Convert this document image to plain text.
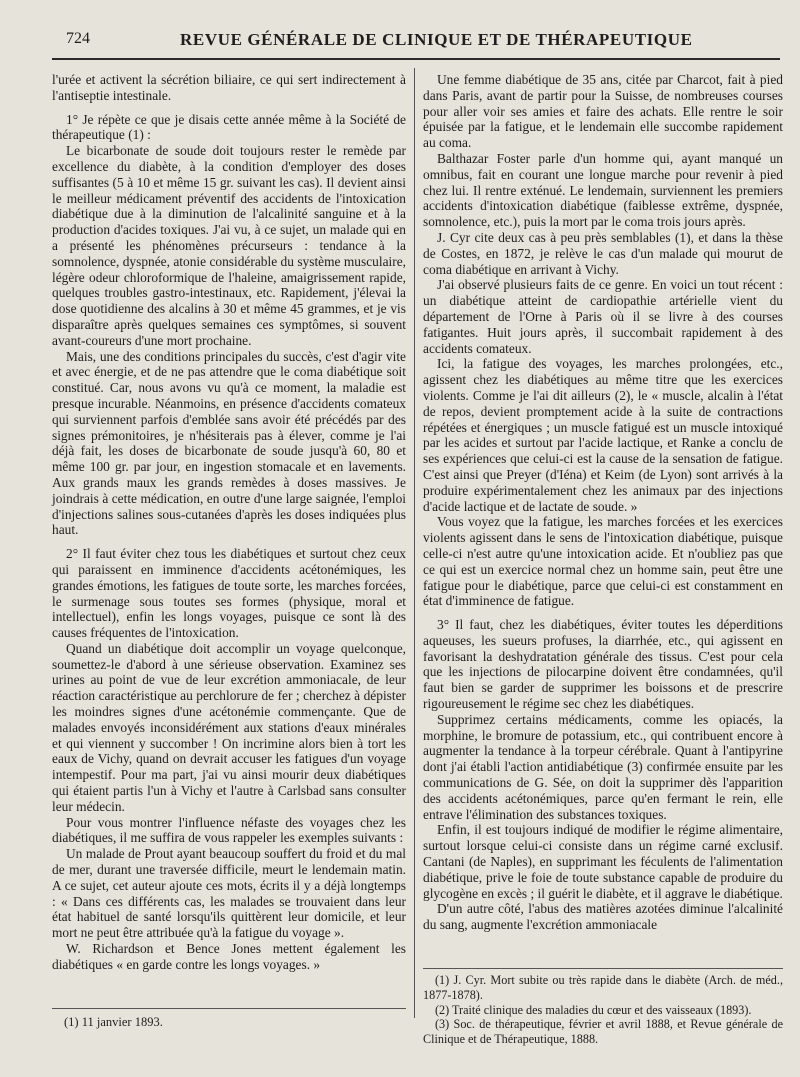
724	REVUE GÉNÉRALE DE CLINIQUE ET DE THÉRAPEUTIQUE

l'urée et activent la sécrétion biliaire, ce qui sert indirectement à l'antiseptie intestinale.

1° Je répète ce que je disais cette année même à la Société de thérapeutique (1) :

Le bicarbonate de soude doit toujours rester le remède par excellence du diabète, à la condition d'employer des doses suffisantes (5 à 10 et même 15 gr. suivant les cas). Il devient ainsi le meilleur médicament préventif des accidents de l'intoxication diabétique due à la diminution de l'alcalinité sanguine et à la production d'acides toxiques. J'ai vu, à ce sujet, un malade qui en a présenté les phénomènes précurseurs : tendance à la somnolence, dyspnée, atonie considérable du système musculaire, légère odeur chloroformique de l'haleine, amaigrissement rapide, quelques troubles gastro-intestinaux, etc. Rapidement, j'élevai la dose quotidienne des alcalins à 30 et même 45 grammes, et je vis disparaître après quelques semaines ces symptômes, si souvent avant-coureurs d'une mort prochaine.

Mais, une des conditions principales du succès, c'est d'agir vite et avec énergie, et de ne pas attendre que le coma diabétique soit constitué. Car, nous avons vu qu'à ce moment, la maladie est presque incurable. Néanmoins, en présence d'accidents comateux qui surviennent parfois d'emblée sans avoir été précédés par des signes prémonitoires, je n'hésiterais pas à élever, comme je l'ai déjà fait, les doses de bicarbonate de soude jusqu'à 60, 80 et même 100 gr. par jour, en ingestion stomacale et en lavements. Aux grands maux les grands remèdes à doses massives. Je joindrais à cette médication, en outre d'une large saignée, l'emploi d'injections salines sous-cutanées d'après les doses indiquées plus haut.

2° Il faut éviter chez tous les diabétiques et surtout chez ceux qui paraissent en imminence d'accidents acétonémiques, les grandes émotions, les fatigues de toute sorte, les marches forcées, le surmenage sous toutes ses formes (physique, moral et intellectuel), enfin les longs voyages, puisque ce sont là des causes fréquentes de l'intoxication.

Quand un diabétique doit accomplir un voyage quelconque, soumettez-le d'abord à une sérieuse observation. Examinez ses urines au point de vue de leur excrétion ammoniacale, de leur réaction caractéristique au perchlorure de fer ; cherchez à dépister les moindres signes d'une acétonémie commençante. Que de malades envoyés inconsidérément aux stations d'eaux minérales et qui viennent y succomber ! On incrimine alors bien à tort les eaux de Vichy, quand on devrait accuser les fatigues d'un voyage intempestif. Pour ma part, j'ai vu ainsi mourir deux diabétiques qui étaient partis l'un à Vichy et l'autre à Carlsbad sans consulter leur médecin.

Pour vous montrer l'influence néfaste des voyages chez les diabétiques, il me suffira de vous rappeler les exemples suivants :

Un malade de Prout ayant beaucoup souffert du froid et du mal de mer, durant une traversée difficile, meurt le lendemain matin. A ce sujet, cet auteur ajoute ces mots, écrits il y a déjà longtemps : « Dans ces différents cas, les malades se trouvaient dans leur état habituel de santé lorsqu'ils quittèrent leur domicile, et leur mort ne peut être attribuée qu'à la fatigue du voyage ».

W. Richardson et Bence Jones mettent également les diabétiques « en garde contre les longs voyages. »

Une femme diabétique de 35 ans, citée par Charcot, fait à pied dans Paris, avant de partir pour la Suisse, de nombreuses courses pour aller voir ses amies et faire des achats. Elle rentre le soir épuisée par la fatigue, et le lendemain elle succombe rapidement au coma.

Balthazar Foster parle d'un homme qui, ayant manqué un omnibus, fait en courant une longue marche pour revenir à pied chez lui. Il rentre exténué. Le lendemain, surviennent les premiers accidents d'intoxication diabétique (faiblesse extrême, dyspnée, somnolence, etc.), puis la mort par le coma trois jours après.

J. Cyr cite deux cas à peu près semblables (1), et dans la thèse de Costes, en 1872, je relève le cas d'un malade qui mourut de coma diabétique en arrivant à Vichy.

J'ai observé plusieurs faits de ce genre. En voici un tout récent : un diabétique atteint de cardiopathie artérielle vient du département de l'Orne à Paris où il se livre à des courses fatigantes. Huit jours après, il succombait rapidement à des accidents comateux.

Ici, la fatigue des voyages, les marches prolongées, etc., agissent chez les diabétiques au même titre que les exercices violents. Comme je l'ai dit ailleurs (2), le « muscle, alcalin à l'état de repos, devient promptement acide à la suite de contractions répétées et énergiques ; un muscle fatigué est un muscle intoxiqué par les acides et surtout par l'acide lactique, et Ranke a conclu de ses expériences que celui-ci est la cause de la sensation de fatigue. C'est ainsi que Preyer (d'Iéna) et Keim (de Lyon) sont arrivés à la produire expérimentalement chez les animaux par des injections d'acide lactique et de lactate de soude. »

Vous voyez que la fatigue, les marches forcées et les exercices violents agissent dans le sens de l'intoxication diabétique, puisque celle-ci n'est autre qu'une intoxication acide. Et n'oubliez pas que ce qui est un exercice normal chez un homme sain, peut être une fatigue pour le diabétique, parce que celui-ci est constamment en état d'imminence de fatigue.

3° Il faut, chez les diabétiques, éviter toutes les déperditions aqueuses, les sueurs profuses, la diarrhée, etc., qui agissent en favorisant la deshydratation générale des tissus. C'est pour cela que les injections de pilocarpine doivent être condamnées, qu'il faut bien se garder de supprimer les boissons et de prescrire rigoureusement le régime sec chez les diabétiques.

Supprimez certains médicaments, comme les opiacés, la morphine, le bromure de potassium, etc., qui contribuent encore à augmenter la tendance à la torpeur cérébrale. Quant à l'antipyrine dont j'ai établi l'action antidiabétique (3) confirmée ensuite par les communications de G. Sée, on doit la supprimer dès l'apparition des accidents acétonémiques, parce qu'en fermant le rein, elle entrave l'élimination des substances toxiques.

Enfin, il est toujours indiqué de modifier le régime alimentaire, surtout lorsque celui-ci consiste dans un régime carné exclusif. Cantani (de Naples), en supprimant les féculents de l'alimentation diabétique, prive le foie de toute substance capable de produire du glycogène en excès ; il guérit le diabète, et il aggrave le diabétique.

D'un autre côté, l'abus des matières azotées diminue l'alcalinité du sang, augmente l'excrétion ammoniacale

(1) 11 janvier 1893.

(1) J. Cyr. Mort subite ou très rapide dans le diabète (Arch. de méd., 1877-1878).

(2) Traité clinique des maladies du cœur et des vaisseaux (1893).

(3) Soc. de thérapeutique, février et avril 1888, et Revue générale de Clinique et de Thérapeutique, 1888.
